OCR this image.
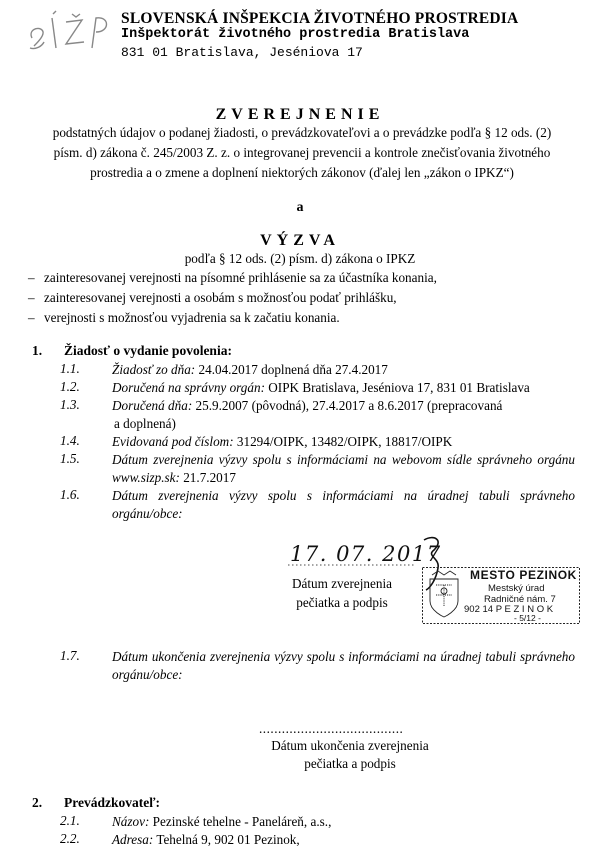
SLOVENSKÁ INŠPEKCIA ŽIVOTNÉHO PROSTREDIA
Inšpektorát životného prostredia Bratislava
831 01 Bratislava, Jeséniova 17
ZVEREJNENIE
podstatných údajov o podanej žiadosti, o prevádzkovateľovi a o prevádzke podľa § 12 ods. (2)
písm. d) zákona č. 245/2003 Z. z. o integrovanej prevencii a kontrole znečisťovania životného
prostredia a o zmene a doplnení niektorých zákonov (ďalej len „zákon o IPKZ“)
a
VÝZVA
podľa § 12 ods. (2) písm. d) zákona o IPKZ
– zainteresovanej verejnosti na písomné prihlásenie sa za účastníka konania,
– zainteresovanej verejnosti a osobám s možnosťou podať prihlášku,
– verejnosti s možnosťou vyjadrenia sa k začatiu konania.
1. Žiadosť o vydanie povolenia:
1.1. Žiadosť zo dňa: 24.04.2017 doplnená dňa 27.4.2017
1.2. Doručená na správny orgán: OIPK Bratislava, Jeséniova 17, 831 01 Bratislava
1.3. Doručená dňa: 25.9.2007 (pôvodná), 27.4.2017 a 8.6.2017 (prepracovaná
a doplnená)
1.4. Evidovaná pod číslom: 31294/OIPK, 13482/OIPK, 18817/OIPK
1.5. Dátum zverejnenia výzvy spolu s informáciami na webovom sídle správneho orgánu www.sizp.sk: 21.7.2017
1.6. Dátum zverejnenia výzvy spolu s informáciami na úradnej tabuli správneho orgánu/obce:
17. 07. 2017
Dátum zverejnenia
pečiatka a podpis
MESTO PEZINOK
Mestský úrad
Radničné nám. 7
902 14 P E Z I N O K
- 5/12 -
1.7. Dátum ukončenia zverejnenia výzvy spolu s informáciami na úradnej tabuli správneho orgánu/obce:
......................................
Dátum ukončenia zverejnenia
pečiatka a podpis
2. Prevádzkovateľ:
2.1. Názov: Pezinské tehelne - Paneláreň, a.s.,
2.2. Adresa: Tehelná 9, 902 01 Pezinok,
